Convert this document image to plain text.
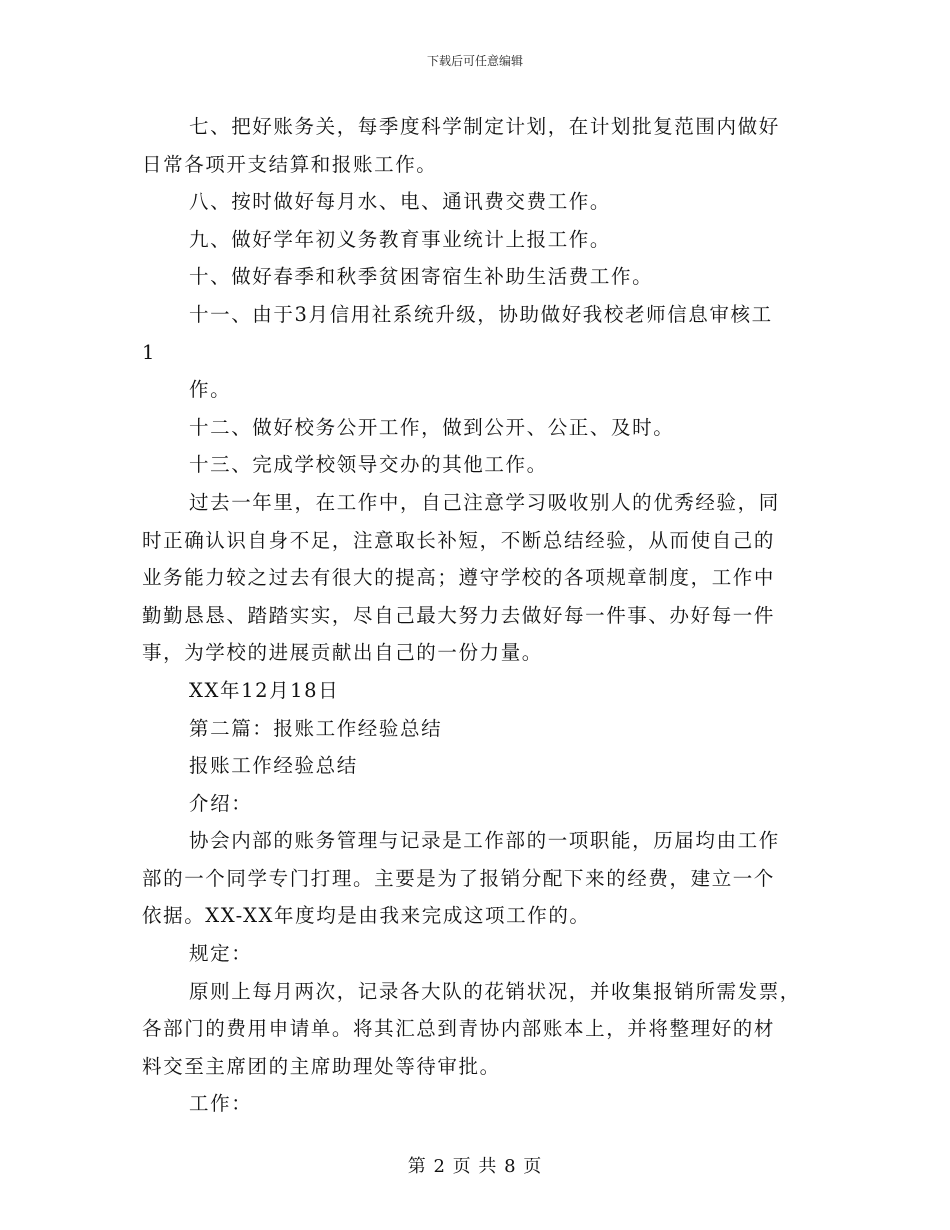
下载后可任意编辑

七、把好账务关，每季度科学制定计划，在计划批复范围内做好

日常各项开支结算和报账工作。

八、按时做好每月水、电、通讯费交费工作。

九、做好学年初义务教育事业统计上报工作。

十、做好春季和秋季贫困寄宿生补助生活费工作。

十一、由于3月信用社系统升级，协助做好我校老师信息审核工

1

作。

十二、做好校务公开工作，做到公开、公正、及时。

十三、完成学校领导交办的其他工作。

过去一年里，在工作中，自己注意学习吸收别人的优秀经验，同

时正确认识自身不足，注意取长补短，不断总结经验，从而使自己的

业务能力较之过去有很大的提高；遵守学校的各项规章制度，工作中

勤勤恳恳、踏踏实实，尽自己最大努力去做好每一件事、办好每一件

事，为学校的进展贡献出自己的一份力量。

XX年12月18日

第二篇：报账工作经验总结

报账工作经验总结

介绍：

协会内部的账务管理与记录是工作部的一项职能，历届均由工作

部的一个同学专门打理。主要是为了报销分配下来的经费，建立一个

依据。XX-XX年度均是由我来完成这项工作的。

规定：

原则上每月两次，记录各大队的花销状况，并收集报销所需发票，

各部门的费用申请单。将其汇总到青协内部账本上，并将整理好的材

料交至主席团的主席助理处等待审批。

工作：

第 2 页 共 8 页
